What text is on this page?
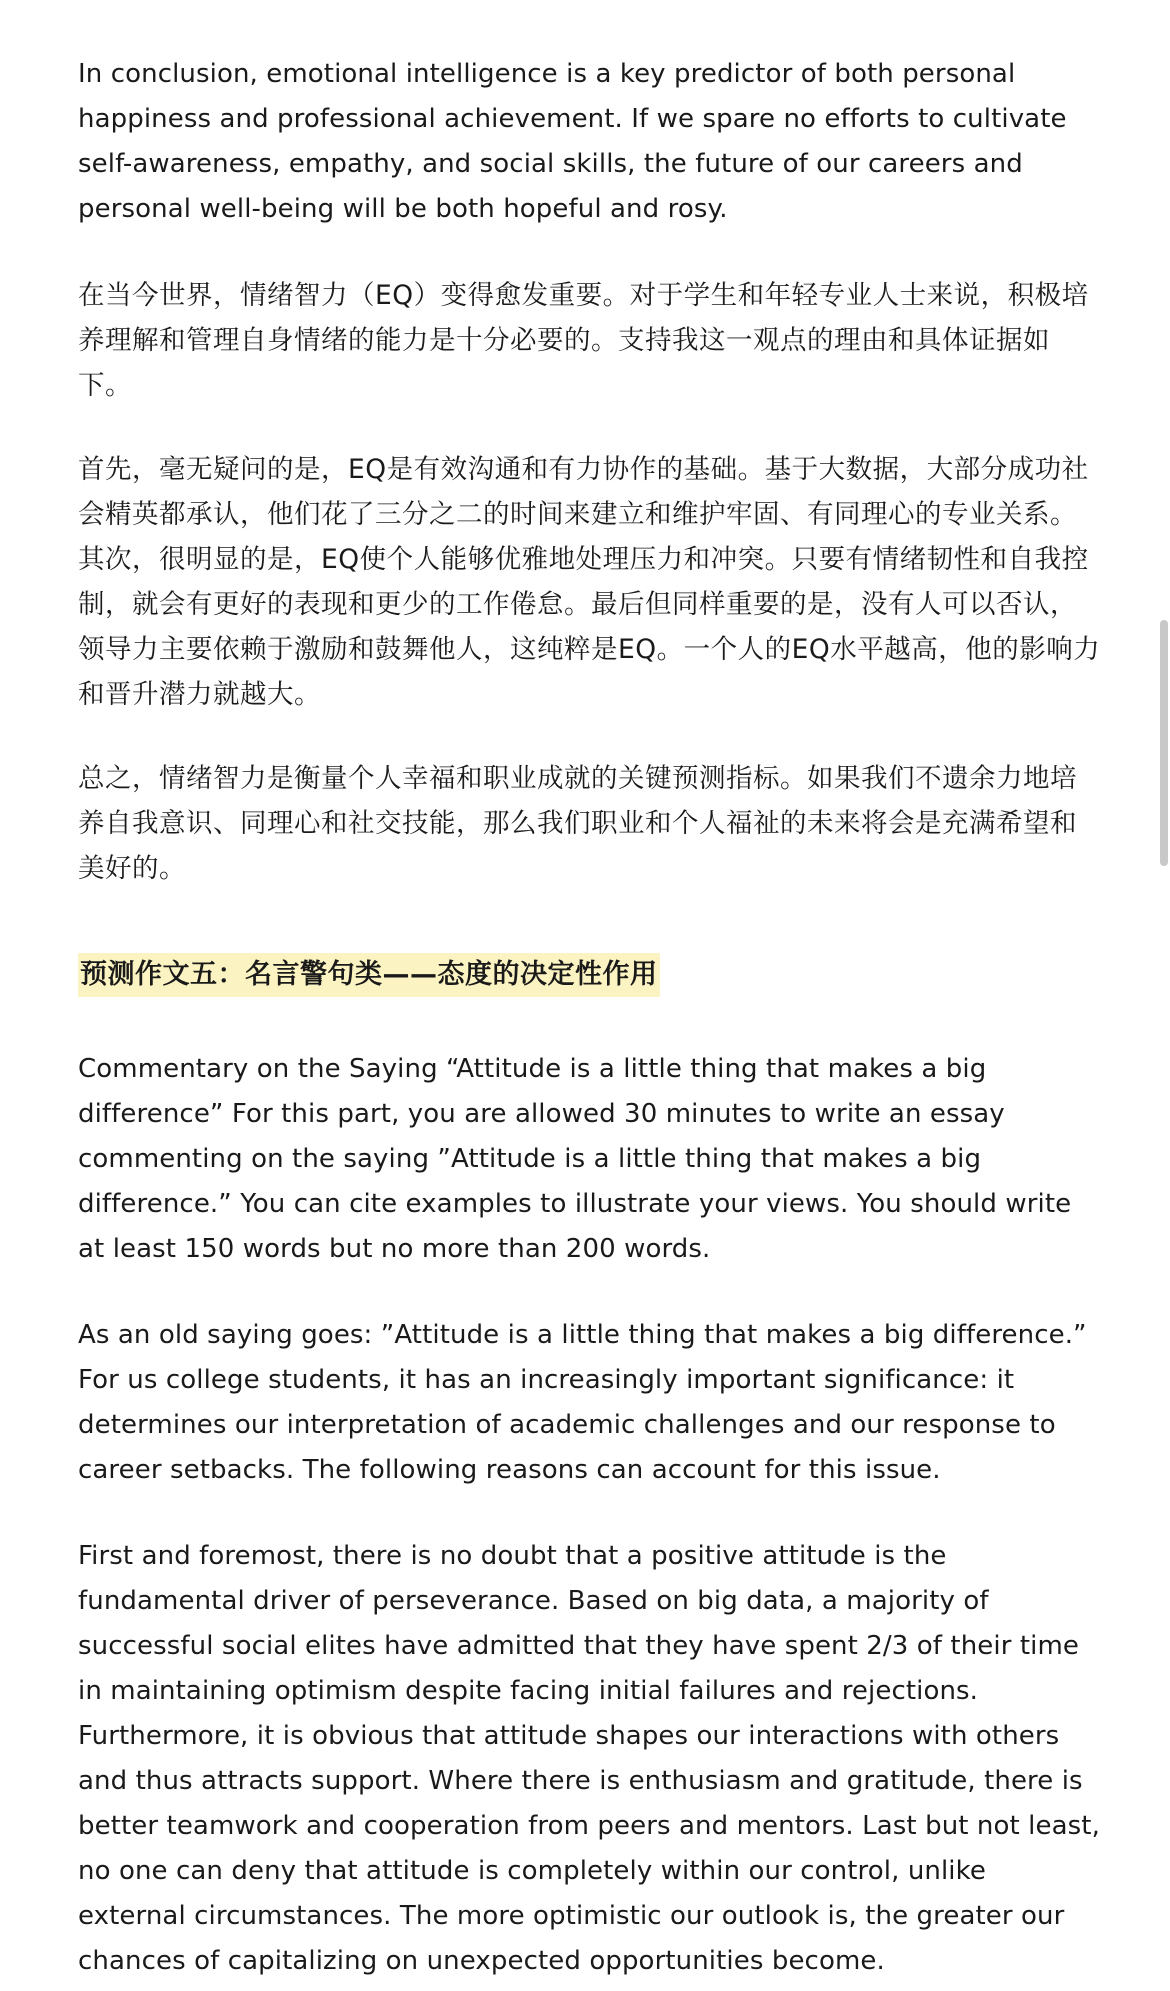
In conclusion, emotional intelligence is a key predictor of both personal happiness and professional achievement. If we spare no efforts to cultivate self-awareness, empathy, and social skills, the future of our careers and personal well-being will be both hopeful and rosy.

在当今世界，情绪智力（EQ）变得愈发重要。对于学生和年轻专业人士来说，积极培养理解和管理自身情绪的能力是十分必要的。支持我这一观点的理由和具体证据如下。

首先，毫无疑问的是，EQ是有效沟通和有力协作的基础。基于大数据，大部分成功社会精英都承认，他们花了三分之二的时间来建立和维护牢固、有同理心的专业关系。其次，很明显的是，EQ使个人能够优雅地处理压力和冲突。只要有情绪韧性和自我控制，就会有更好的表现和更少的工作倦怠。最后但同样重要的是，没有人可以否认，领导力主要依赖于激励和鼓舞他人，这纯粹是EQ。一个人的EQ水平越高，他的影响力和晋升潜力就越大。

总之，情绪智力是衡量个人幸福和职业成就的关键预测指标。如果我们不遗余力地培养自我意识、同理心和社交技能，那么我们职业和个人福祉的未来将会是充满希望和美好的。

预测作文五：名言警句类——态度的决定性作用

Commentary on the Saying “Attitude is a little thing that makes a big difference” For this part, you are allowed 30 minutes to write an essay commenting on the saying ”Attitude is a little thing that makes a big difference.” You can cite examples to illustrate your views. You should write at least 150 words but no more than 200 words.

As an old saying goes: ”Attitude is a little thing that makes a big difference.” For us college students, it has an increasingly important significance: it determines our interpretation of academic challenges and our response to career setbacks. The following reasons can account for this issue.

First and foremost, there is no doubt that a positive attitude is the fundamental driver of perseverance. Based on big data, a majority of successful social elites have admitted that they have spent 2/3 of their time in maintaining optimism despite facing initial failures and rejections. Furthermore, it is obvious that attitude shapes our interactions with others and thus attracts support. Where there is enthusiasm and gratitude, there is better teamwork and cooperation from peers and mentors. Last but not least, no one can deny that attitude is completely within our control, unlike external circumstances. The more optimistic our outlook is, the greater our chances of capitalizing on unexpected opportunities become.
